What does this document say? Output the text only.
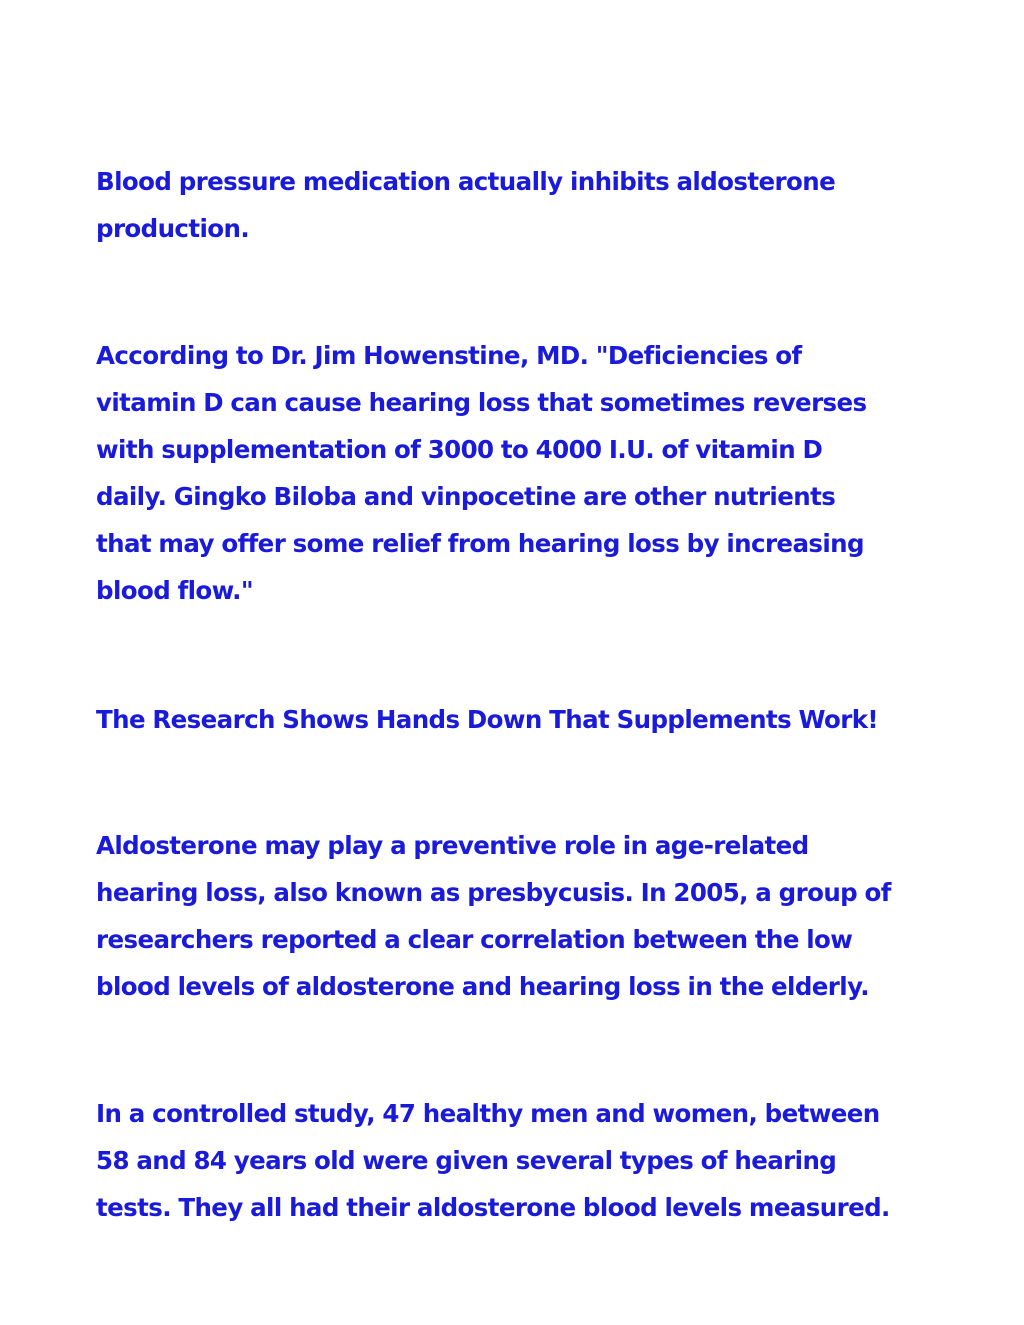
Blood pressure medication actually inhibits aldosterone
production.

According to Dr. Jim Howenstine, MD. "Deficiencies of
vitamin D can cause hearing loss that sometimes reverses
with supplementation of 3000 to 4000 I.U. of vitamin D
daily. Gingko Biloba and vinpocetine are other nutrients
that may offer some relief from hearing loss by increasing
blood flow."

The Research Shows Hands Down That Supplements Work!

Aldosterone may play a preventive role in age-related
hearing loss, also known as presbycusis. In 2005, a group of
researchers reported a clear correlation between the low
blood levels of aldosterone and hearing loss in the elderly.

In a controlled study, 47 healthy men and women, between
58 and 84 years old were given several types of hearing
tests. They all had their aldosterone blood levels measured.
